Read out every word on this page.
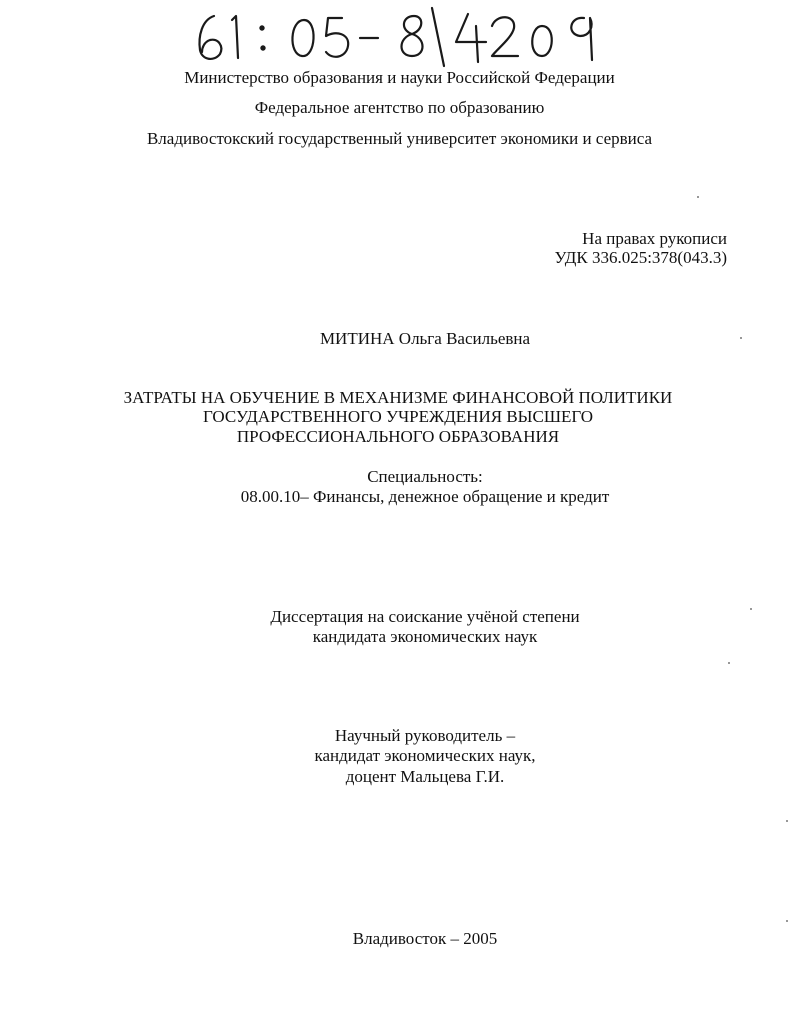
Министерство образования и науки Российской Федерации
Федеральное агентство по образованию
Владивостокский государственный университет экономики и сервиса
На правах рукописи
УДК 336.025:378(043.3)
МИТИНА Ольга Васильевна
ЗАТРАТЫ НА ОБУЧЕНИЕ В МЕХАНИЗМЕ ФИНАНСОВОЙ ПОЛИТИКИ
ГОСУДАРСТВЕННОГО УЧРЕЖДЕНИЯ ВЫСШЕГО
ПРОФЕССИОНАЛЬНОГО ОБРАЗОВАНИЯ
Специальность:
08.00.10– Финансы, денежное обращение и кредит
Диссертация на соискание учёной степени
кандидата экономических наук
Научный руководитель –
кандидат экономических наук,
доцент Мальцева Г.И.
Владивосток – 2005
